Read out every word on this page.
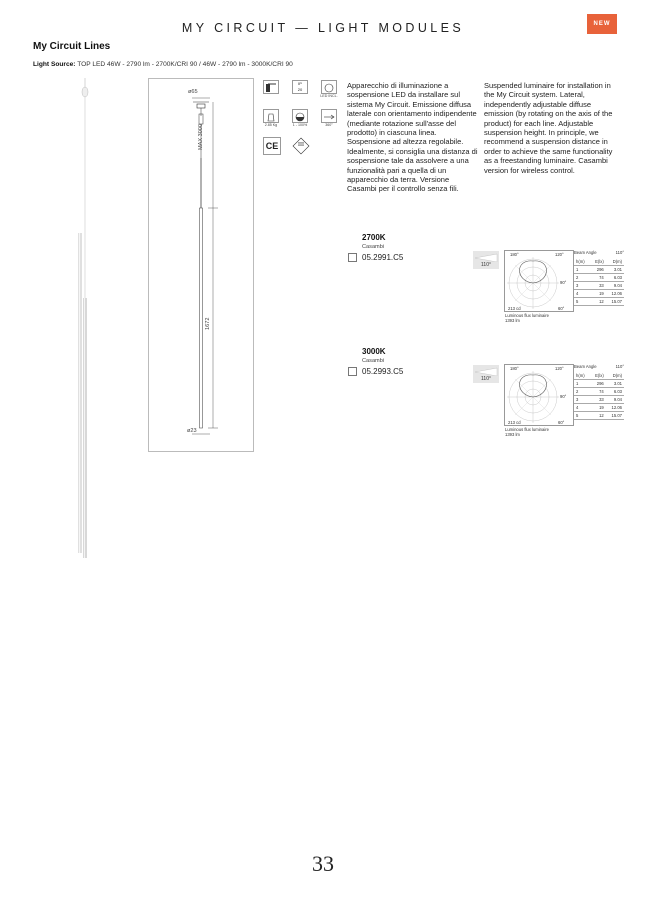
MY CIRCUIT — LIGHT MODULES	NEW
My Circuit Lines
Light Source: TOP LED 46W - 2790 lm - 2700K/CRI 90 / 46W - 2790 lm - 3000K/CRI 90
ø65
MAX 3000
1672
ø23
IP
20
LED INCL.
2.85 Kg	1 - 100%	360°
CE	III
Apparecchio di illuminazione a sospensione LED da installare sul sistema My Circuit. Emissione diffusa laterale con orientamento indipendente (mediante rotazione sull'asse del prodotto) in ciascuna linea. Sospensione ad altezza regolabile. Idealmente, si consiglia una distanza di sospensione tale da assolvere a una funzionalità pari a quella di un apparecchio da terra. Versione Casambi per il controllo senza fili.
Suspended luminaire for installation in the My Circuit system. Lateral, independently adjustable diffuse emission (by rotating on the axis of the product) for each line. Adjustable suspension height. In principle, we recommend a suspension distance in order to achieve the same functionality as a freestanding luminaire. Casambi version for wireless control.
2700K
Casambi
05.2991.C5
110°
180°	120°
90°
213 cd	60°
Luminous flux luminaire
1393 lm
Beam Angle	110°
h(m)	E(lx)	D(m)
1	296	3.01
2	74	6.03
3	33	9.04
4	19	12.06
5	12	15.07
3000K
Casambi
05.2993.C5
110°
180°	120°
90°
213 cd	60°
Luminous flux luminaire
1393 lm
Beam Angle	110°
h(m)	E(lx)	D(m)
1	296	3.01
2	74	6.03
3	33	9.04
4	19	12.06
5	12	15.07
33
